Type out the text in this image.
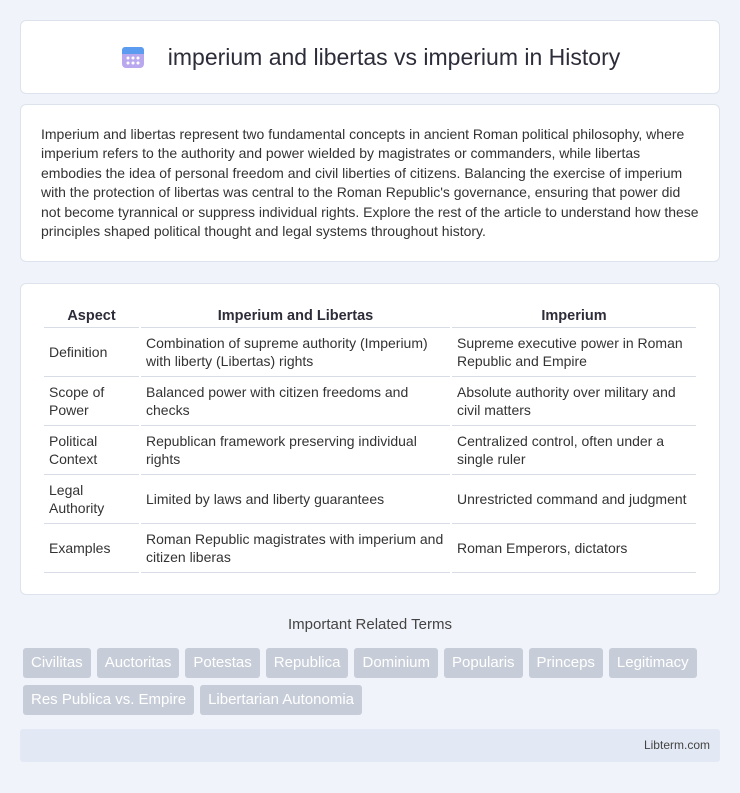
imperium and libertas vs imperium in History

Imperium and libertas represent two fundamental concepts in ancient Roman political philosophy, where imperium refers to the authority and power wielded by magistrates or commanders, while libertas embodies the idea of personal freedom and civil liberties of citizens. Balancing the exercise of imperium with the protection of libertas was central to the Roman Republic's governance, ensuring that power did not become tyrannical or suppress individual rights. Explore the rest of the article to understand how these principles shaped political thought and legal systems throughout history.

Aspect	Imperium and Libertas	Imperium
Definition	Combination of supreme authority (Imperium) with liberty (Libertas) rights	Supreme executive power in Roman Republic and Empire
Scope of Power	Balanced power with citizen freedoms and checks	Absolute authority over military and civil matters
Political Context	Republican framework preserving individual rights	Centralized control, often under a single ruler
Legal Authority	Limited by laws and liberty guarantees	Unrestricted command and judgment
Examples	Roman Republic magistrates with imperium and citizen liberas	Roman Emperors, dictators
Important Related Terms
Civilitas	Auctoritas	Potestas	Republica	Dominium	Popularis	Princeps	Legitimacy
Res Publica vs. Empire	Libertarian Autonomia
Libterm.com
